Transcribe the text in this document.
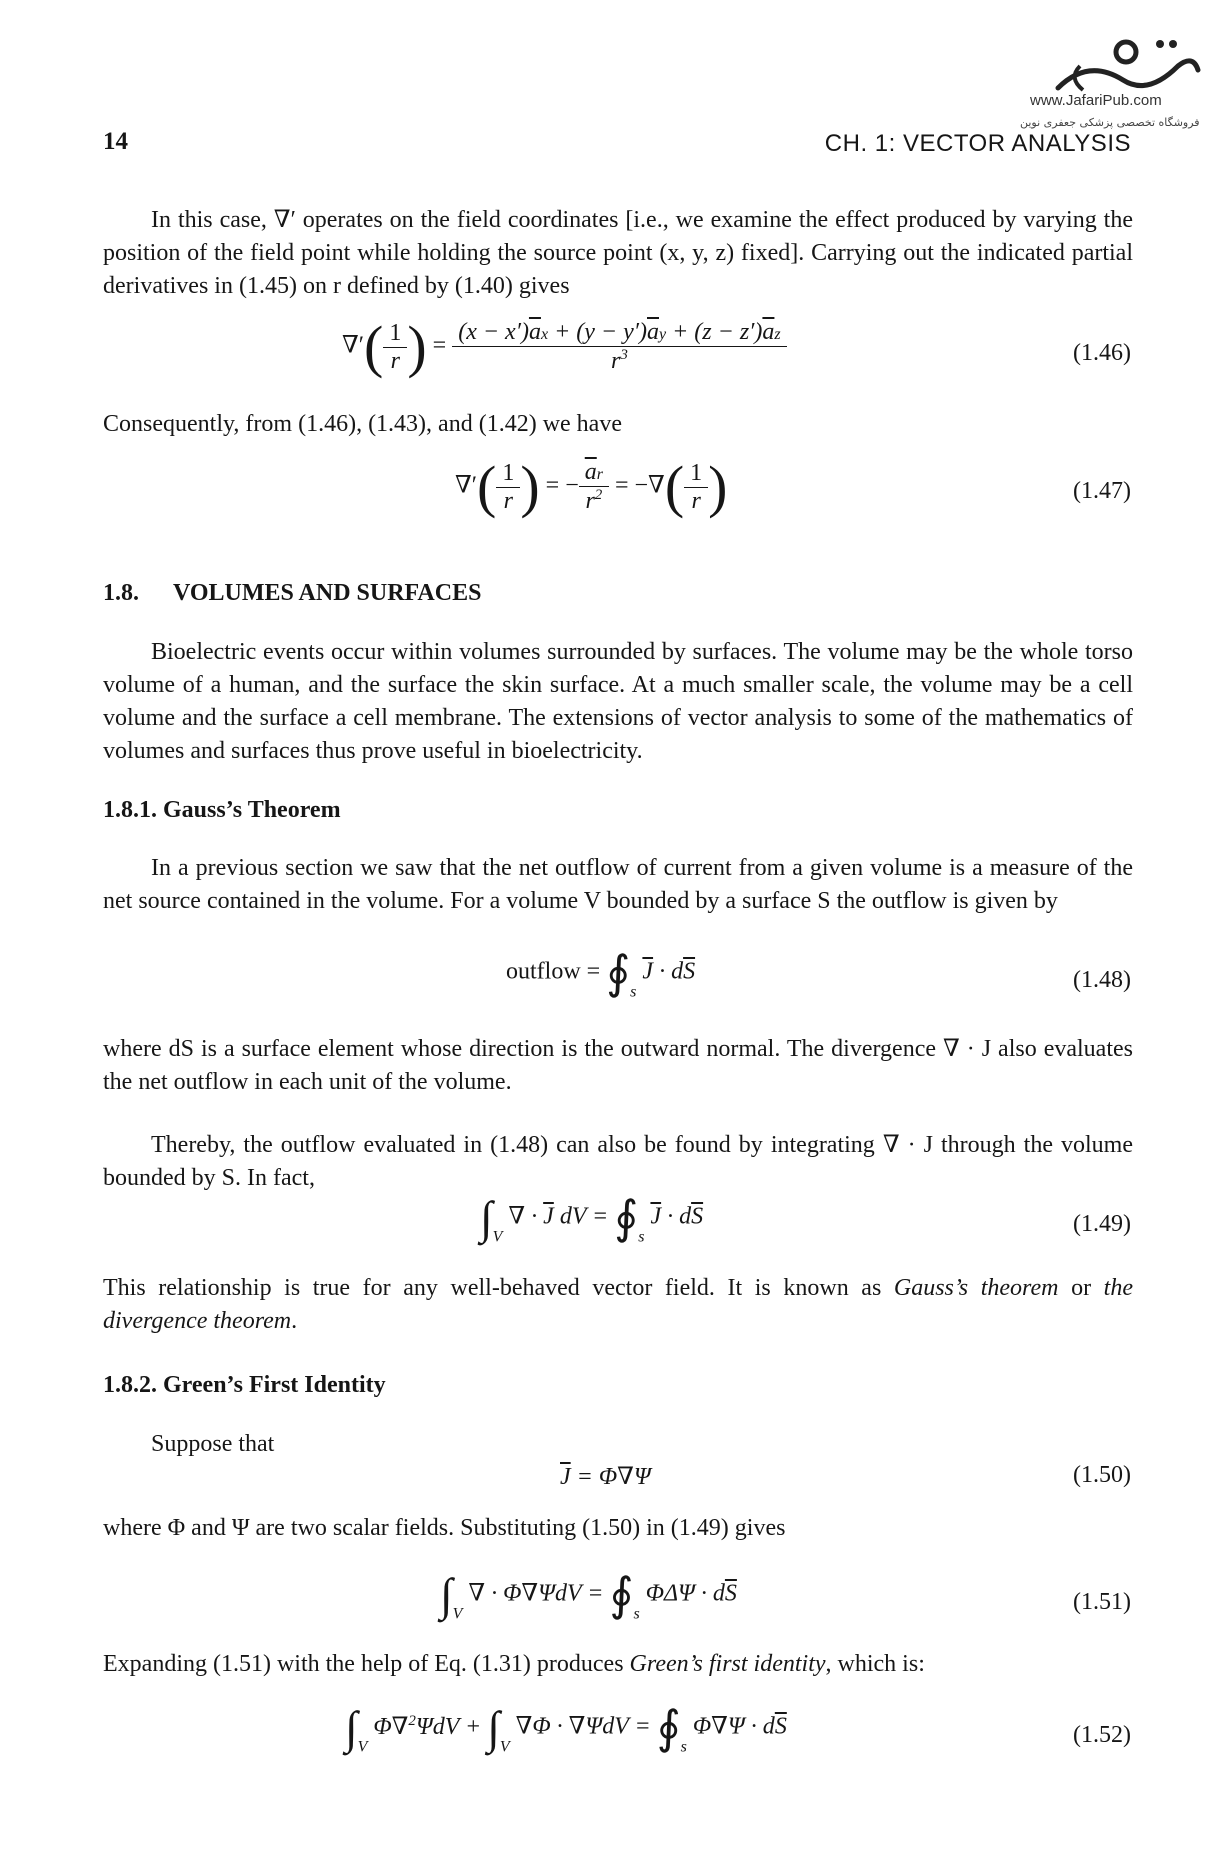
14	CH. 1: VECTOR ANALYSIS
www.JafariPub.com
فروشگاه تخصصی پزشکی جعفری نوین
In this case, ∇′ operates on the field coordinates [i.e., we examine the effect produced by varying the position of the field point while holding the source point (x, y, z) fixed]. Carrying out the indicated partial derivatives in (1.45) on r defined by (1.40) gives
∇′( $\frac{1}{r}$ ) = $\frac{(x - x')\overline{a}x + (y - y')\overline{a}y + (z - z')\overline{a}z}{r^3}$	(1.46)
Consequently, from (1.46), (1.43), and (1.42) we have
∇′( $\frac{1}{r}$ ) = − $\frac{\overline{a}r}{r^2}$ = −∇( $\frac{1}{r}$ )	(1.47)
1.8. VOLUMES AND SURFACES
Bioelectric events occur within volumes surrounded by surfaces. The volume may be the whole torso volume of a human, and the surface the skin surface. At a much smaller scale, the volume may be a cell volume and the surface a cell membrane. The extensions of vector analysis to some of the mathematics of volumes and surfaces thus prove useful in bioelectricity.
1.8.1. Gauss’s Theorem
In a previous section we saw that the net outflow of current from a given volume is a measure of the net source contained in the volume. For a volume V bounded by a surface S the outflow is given by
outflow = $∮_s$ $\overline{J} \cdot d\overline{S}$	(1.48)
where dS is a surface element whose direction is the outward normal. The divergence ∇ · J also evaluates the net outflow in each unit of the volume.
Thereby, the outflow evaluated in (1.48) can also be found by integrating ∇ · J through the volume bounded by S. In fact,
$\int_V$ ∇ · $\overline{J}$ dV = $∮_s$ $\overline{J} \cdot d\overline{S}$	(1.49)
This relationship is true for any well-behaved vector field. It is known as Gauss’s theorem or the divergence theorem.
1.8.2. Green’s First Identity
Suppose that
$\overline{J} = \Phi\nabla\Psi$	(1.50)
where Φ and Ψ are two scalar fields. Substituting (1.50) in (1.49) gives
$\int_V$ ∇ · $\Phi\nabla\Psi dV = ∮_s$ $\Phi\Delta\Psi \cdot d\overline{S}$	(1.51)
Expanding (1.51) with the help of Eq. (1.31) produces Green’s first identity, which is:
$\int_V$ $\Phi\nabla^2\Psi dV + \int_V$ $\nabla\Phi \cdot \nabla\Psi dV = ∮_s$ $\Phi\nabla\Psi \cdot d\overline{S}$	(1.52)
